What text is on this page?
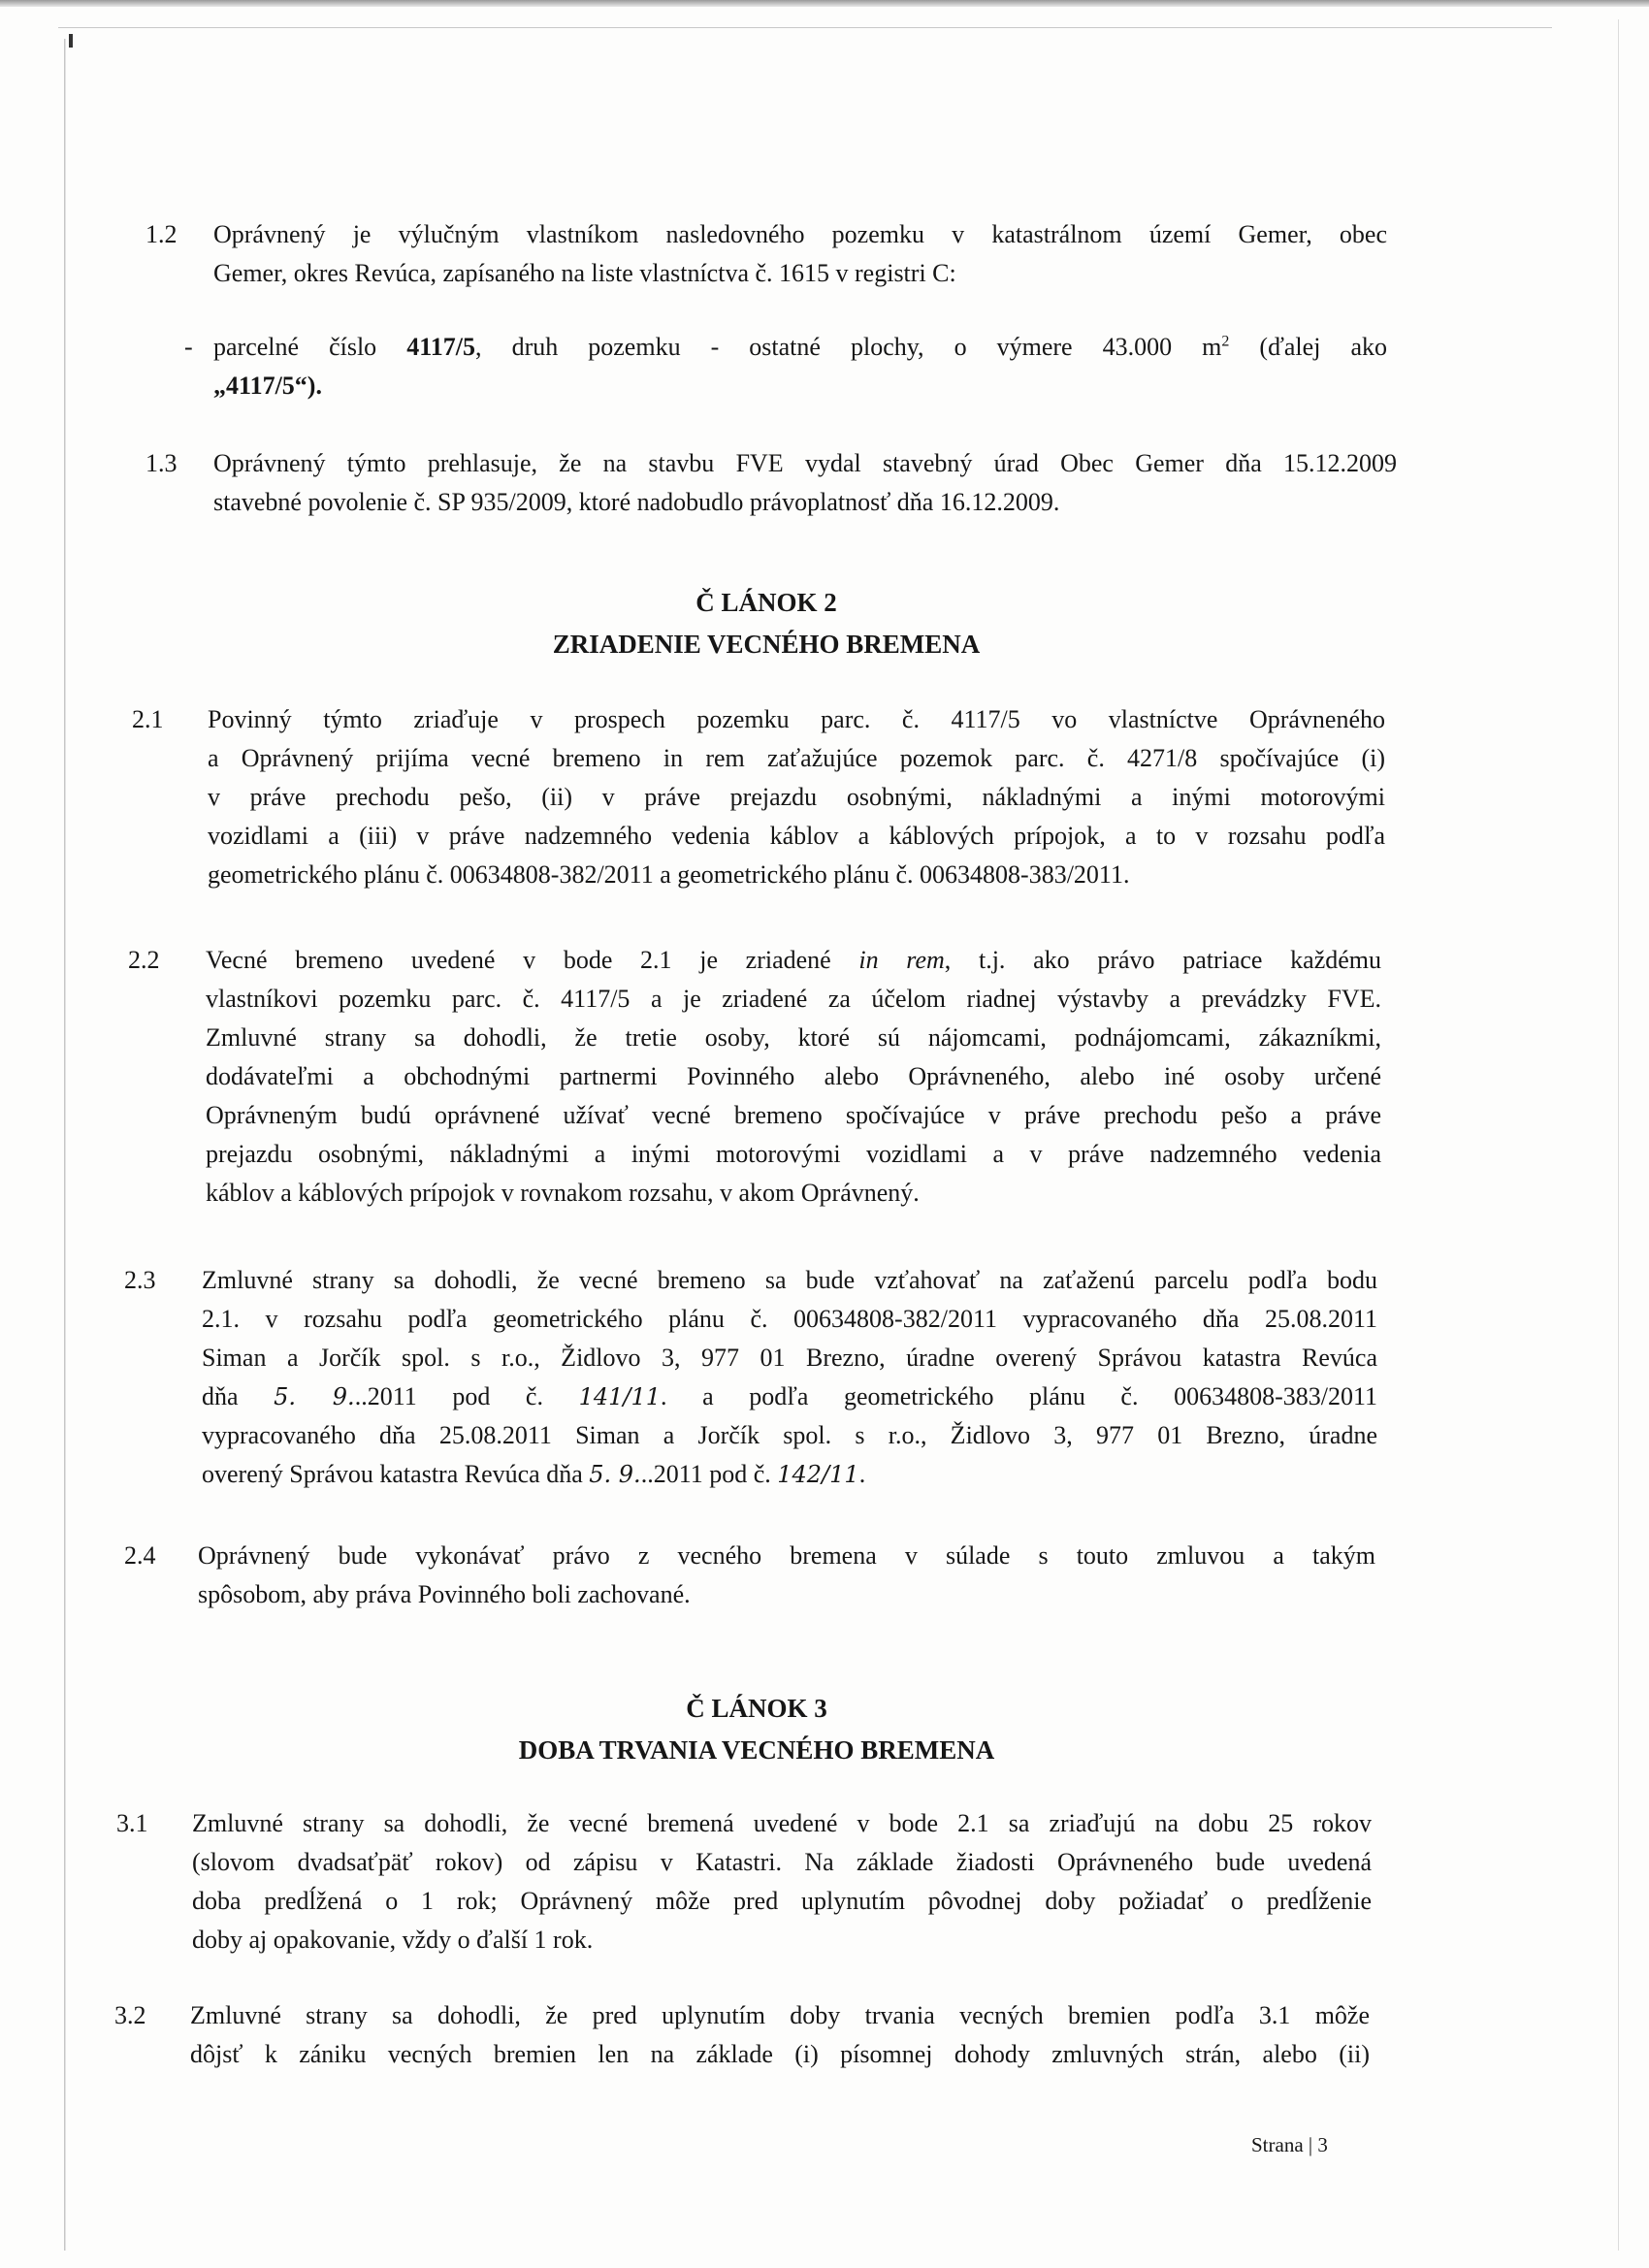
1.2 Oprávnený je výlučným vlastníkom nasledovného pozemku v katastrálnom území Gemer, obec
Gemer, okres Revúca, zapísaného na liste vlastníctva č. 1615 v registri C:
- parcelné číslo 4117/5, druh pozemku - ostatné plochy, o výmere 43.000 $m^2$ (ďalej ako
„4117/5“).
1.3 Oprávnený týmto prehlasuje, že na stavbu FVE vydal stavebný úrad Obec Gemer dňa 15.12.2009
stavebné povolenie č. SP 935/2009, ktoré nadobudlo právoplatnosť dňa 16.12.2009.
Č LÁNOK 2
ZRIADENIE VECNÉHO BREMENA
2.1 Povinný týmto zriaďuje v prospech pozemku parc. č. 4117/5 vo vlastníctve Oprávneného
a Oprávnený prijíma vecné bremeno in rem zaťažujúce pozemok parc. č. 4271/8 spočívajúce (i)
v práve prechodu pešo, (ii) v práve prejazdu osobnými, nákladnými a inými motorovými
vozidlami a (iii) v práve nadzemného vedenia káblov a káblových prípojok, a to v rozsahu podľa
geometrického plánu č. 00634808-382/2011 a geometrického plánu č. 00634808-383/2011.
2.2 Vecné bremeno uvedené v bode 2.1 je zriadené in rem, t.j. ako právo patriace každému
vlastníkovi pozemku parc. č. 4117/5 a je zriadené za účelom riadnej výstavby a prevádzky FVE.
Zmluvné strany sa dohodli, že tretie osoby, ktoré sú nájomcami, podnájomcami, zákazníkmi,
dodávateľmi a obchodnými partnermi Povinného alebo Oprávneného, alebo iné osoby určené
Oprávneným budú oprávnené užívať vecné bremeno spočívajúce v práve prechodu pešo a práve
prejazdu osobnými, nákladnými a inými motorovými vozidlami a v práve nadzemného vedenia
káblov a káblových prípojok v rovnakom rozsahu, v akom Oprávnený.
2.3 Zmluvné strany sa dohodli, že vecné bremeno sa bude vzťahovať na zaťaženú parcelu podľa bodu
2.1. v rozsahu podľa geometrického plánu č. 00634808-382/2011 vypracovaného dňa 25.08.2011
Siman a Jorčík spol. s r.o., Židlovo 3, 977 01 Brezno, úradne overený Správou katastra Revúca
dňa 5. 9...2011 pod č. 141/11. a podľa geometrického plánu č. 00634808-383/2011
vypracovaného dňa 25.08.2011 Siman a Jorčík spol. s r.o., Židlovo 3, 977 01 Brezno, úradne
overený Správou katastra Revúca dňa 5. 9...2011 pod č. 142/11.
2.4 Oprávnený bude vykonávať právo z vecného bremena v súlade s touto zmluvou a takým
spôsobom, aby práva Povinného boli zachované.
Č LÁNOK 3
DOBA TRVANIA VECNÉHO BREMENA
3.1 Zmluvné strany sa dohodli, že vecné bremená uvedené v bode 2.1 sa zriaďujú na dobu 25 rokov
(slovom dvadsaťpäť rokov) od zápisu v Katastri. Na základe žiadosti Oprávneného bude uvedená
doba predĺžená o 1 rok; Oprávnený môže pred uplynutím pôvodnej doby požiadať o predĺženie
doby aj opakovanie, vždy o ďalší 1 rok.
3.2 Zmluvné strany sa dohodli, že pred uplynutím doby trvania vecných bremien podľa 3.1 môže
dôjsť k zániku vecných bremien len na základe (i) písomnej dohody zmluvných strán, alebo (ii)
Strana | 3
